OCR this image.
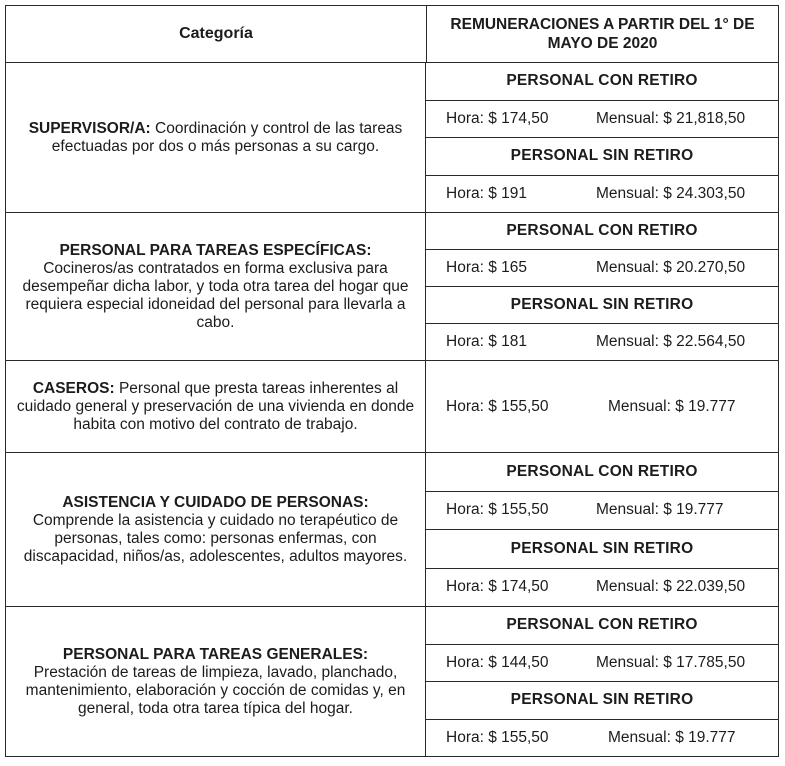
Categoría
REMUNERACIONES A PARTIR DEL 1° DE MAYO DE 2020
SUPERVISOR/A: Coordinación y control de las tareas efectuadas por dos o más personas a su cargo.
PERSONAL CON RETIRO
Hora: $ 174,50	Mensual: $ 21,818,50
PERSONAL SIN RETIRO
Hora: $ 191	Mensual: $ 24.303,50
PERSONAL PARA TAREAS ESPECÍFICAS:
Cocineros/as contratados en forma exclusiva para desempeñar dicha labor, y toda otra tarea del hogar que requiera especial idoneidad del personal para llevarla a cabo.
PERSONAL CON RETIRO
Hora: $ 165	Mensual: $ 20.270,50
PERSONAL SIN RETIRO
Hora: $ 181	Mensual: $ 22.564,50
CASEROS: Personal que presta tareas inherentes al cuidado general y preservación de una vivienda en donde habita con motivo del contrato de trabajo.
Hora: $ 155,50	Mensual: $ 19.777
ASISTENCIA Y CUIDADO DE PERSONAS:
Comprende la asistencia y cuidado no terapéutico de personas, tales como: personas enfermas, con discapacidad, niños/as, adolescentes, adultos mayores.
PERSONAL CON RETIRO
Hora: $ 155,50	Mensual: $ 19.777
PERSONAL SIN RETIRO
Hora: $ 174,50	Mensual: $ 22.039,50
PERSONAL PARA TAREAS GENERALES:
Prestación de tareas de limpieza, lavado, planchado, mantenimiento, elaboración y cocción de comidas y, en general, toda otra tarea típica del hogar.
PERSONAL CON RETIRO
Hora: $ 144,50	Mensual: $ 17.785,50
PERSONAL SIN RETIRO
Hora: $ 155,50	Mensual: $ 19.777
